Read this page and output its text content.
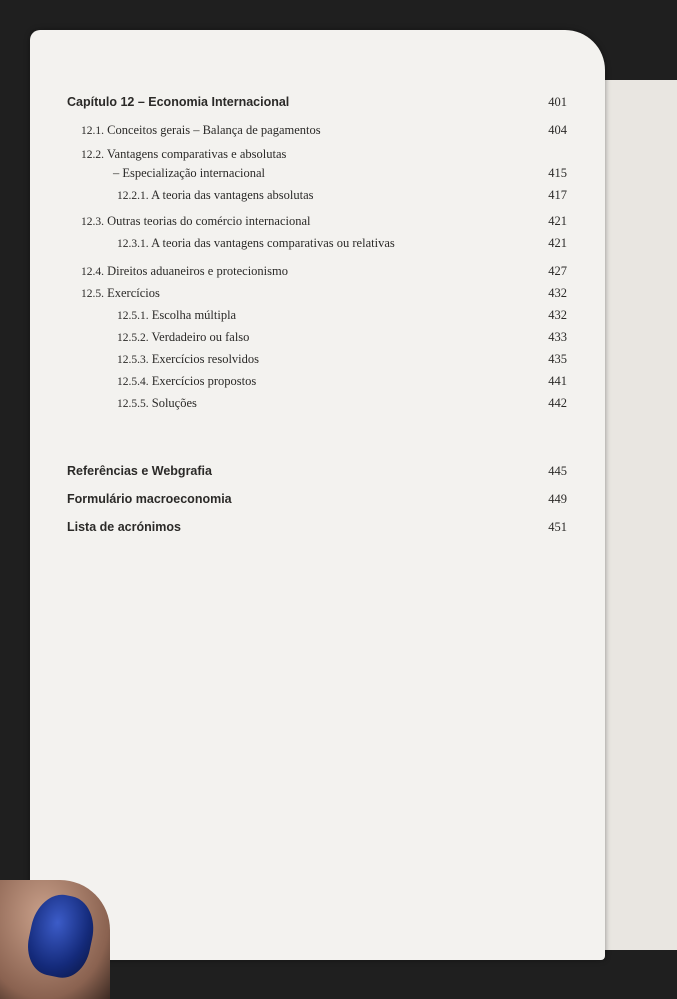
Capítulo 12 – Economia Internacional	401
12.1. Conceitos gerais – Balança de pagamentos	404
12.2. Vantagens comparativas e absolutas
– Especialização internacional	415
12.2.1. A teoria das vantagens absolutas	417
12.3. Outras teorias do comércio internacional	421
12.3.1. A teoria das vantagens comparativas ou relativas	421
12.4. Direitos aduaneiros e protecionismo	427
12.5. Exercícios	432
12.5.1. Escolha múltipla	432
12.5.2. Verdadeiro ou falso	433
12.5.3. Exercícios resolvidos	435
12.5.4. Exercícios propostos	441
12.5.5. Soluções	442
Referências e Webgrafia	445
Formulário macroeconomia	449
Lista de acrónimos	451
